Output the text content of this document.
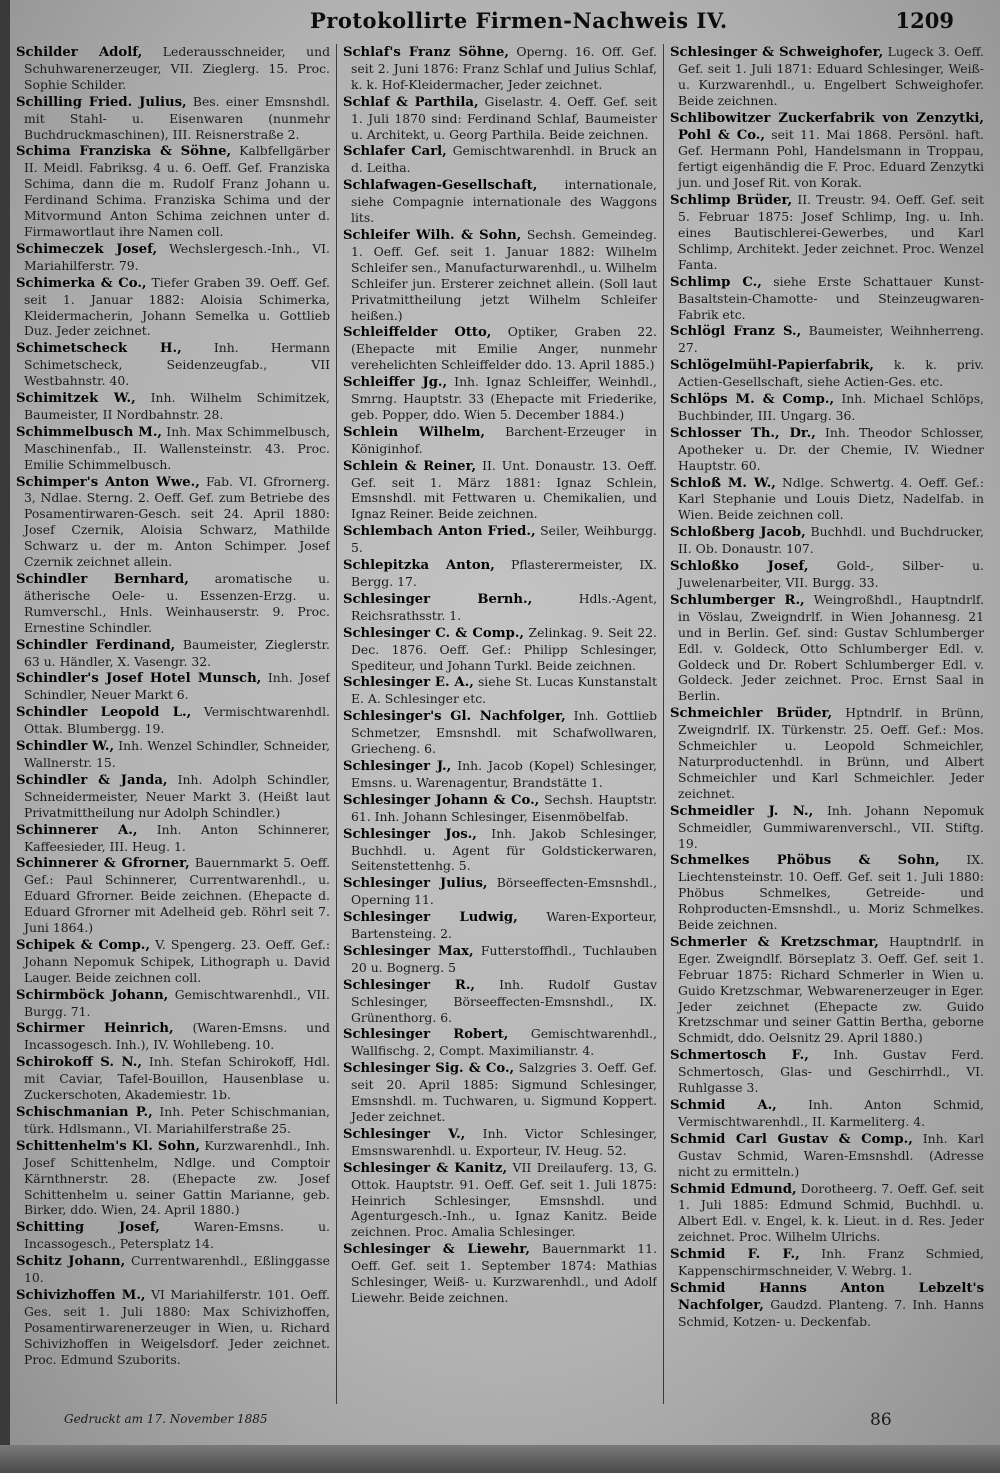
Protokollirte Firmen-Nachweis IV.	1209

Schilder Adolf, Lederausschneider, und Schuhwarenerzeuger, VII. Zieglerg. 15. Proc. Sophie Schilder.

Schilling Fried. Julius, Bes. einer Emsnshdl. mit Stahl- u. Eisenwaren (nunmehr Buchdruckmaschinen), III. Reisnerstraße 2.

Schima Franziska & Söhne, Kalbfellgärber II. Meidl. Fabriksg. 4 u. 6. Oeff. Gef. Franziska Schima, dann die m. Rudolf Franz Johann u. Ferdinand Schima. Franziska Schima und der Mitvormund Anton Schima zeichnen unter d. Firmawortlaut ihre Namen coll.

Schimeczek Josef, Wechslergesch.-Inh., VI. Mariahilferstr. 79.

Schimerka & Co., Tiefer Graben 39. Oeff. Gef. seit 1. Januar 1882: Aloisia Schimerka, Kleidermacherin, Johann Semelka u. Gottlieb Duz. Jeder zeichnet.

Schimetscheck H., Inh. Hermann Schimetscheck, Seidenzeugfab., VII Westbahnstr. 40.

Schimitzek W., Inh. Wilhelm Schimitzek, Baumeister, II Nordbahnstr. 28.

Schimmelbusch M., Inh. Max Schimmelbusch, Maschinenfab., II. Wallensteinstr. 43. Proc. Emilie Schimmelbusch.

Schimper's Anton Wwe., Fab. VI. Gfrornerg. 3, Ndlae. Sterng. 2. Oeff. Gef. zum Betriebe des Posamentirwaren-Gesch. seit 24. April 1880: Josef Czernik, Aloisia Schwarz, Mathilde Schwarz u. der m. Anton Schimper. Josef Czernik zeichnet allein.

Schindler Bernhard, aromatische u. ätherische Oele- u. Essenzen-Erzg. u. Rumverschl., Hnls. Weinhauserstr. 9. Proc. Ernestine Schindler.

Schindler Ferdinand, Baumeister, Zieglerstr. 63 u. Händler, X. Vasengr. 32.

Schindler's Josef Hotel Munsch, Inh. Josef Schindler, Neuer Markt 6.

Schindler Leopold L., Vermischtwarenhdl. Ottak. Blumbergg. 19.

Schindler W., Inh. Wenzel Schindler, Schneider, Wallnerstr. 15.

Schindler & Janda, Inh. Adolph Schindler, Schneidermeister, Neuer Markt 3. (Heißt laut Privatmittheilung nur Adolph Schindler.)

Schinnerer A., Inh. Anton Schinnerer, Kaffeesieder, III. Heug. 1.

Schinnerer & Gfrorner, Bauernmarkt 5. Oeff. Gef.: Paul Schinnerer, Currentwarenhdl., u. Eduard Gfrorner. Beide zeichnen. (Ehepacte d. Eduard Gfrorner mit Adelheid geb. Röhrl seit 7. Juni 1864.)

Schipek & Comp., V. Spengerg. 23. Oeff. Gef.: Johann Nepomuk Schipek, Lithograph u. David Lauger. Beide zeichnen coll.

Schirmböck Johann, Gemischtwarenhdl., VII. Burgg. 71.

Schirmer Heinrich, (Waren-Emsns. und Incassogesch. Inh.), IV. Wohllebeng. 10.

Schirokoff S. N., Inh. Stefan Schirokoff, Hdl. mit Caviar, Tafel-Bouillon, Hausenblase u. Zuckerschoten, Akademiestr. 1b.

Schischmanian P., Inh. Peter Schischmanian, türk. Hdlsmann., VI. Mariahilferstraße 25.

Schittenhelm's Kl. Sohn, Kurzwarenhdl., Inh. Josef Schittenhelm, Ndlge. und Comptoir Kärnthnerstr. 28. (Ehepacte zw. Josef Schittenhelm u. seiner Gattin Marianne, geb. Birker, ddo. Wien, 24. April 1880.)

Schitting Josef, Waren-Emsns. u. Incassogesch., Petersplatz 14.

Schitz Johann, Currentwarenhdl., Eßlinggasse 10.

Schivizhoffen M., VI Mariahilferstr. 101. Oeff. Ges. seit 1. Juli 1880: Max Schivizhoffen, Posamentirwarenerzeuger in Wien, u. Richard Schivizhoffen in Weigelsdorf. Jeder zeichnet. Proc. Edmund Szuborits.

Schlaf's Franz Söhne, Operng. 16. Off. Gef. seit 2. Juni 1876: Franz Schlaf und Julius Schlaf, k. k. Hof-Kleidermacher, Jeder zeichnet.

Schlaf & Parthila, Giselastr. 4. Oeff. Gef. seit 1. Juli 1870 sind: Ferdinand Schlaf, Baumeister u. Architekt, u. Georg Parthila. Beide zeichnen.

Schlafer Carl, Gemischtwarenhdl. in Bruck an d. Leitha.

Schlafwagen-Gesellschaft, internationale, siehe Compagnie internationale des Waggons lits.

Schleifer Wilh. & Sohn, Sechsh. Gemeindeg. 1. Oeff. Gef. seit 1. Januar 1882: Wilhelm Schleifer sen., Manufacturwarenhdl., u. Wilhelm Schleifer jun. Ersterer zeichnet allein. (Soll laut Privatmittheilung jetzt Wilhelm Schleifer heißen.)

Schleiffelder Otto, Optiker, Graben 22. (Ehepacte mit Emilie Anger, nunmehr verehelichten Schleiffelder ddo. 13. April 1885.)

Schleiffer Jg., Inh. Ignaz Schleiffer, Weinhdl., Smrng. Hauptstr. 33 (Ehepacte mit Friederike, geb. Popper, ddo. Wien 5. December 1884.)

Schlein Wilhelm, Barchent-Erzeuger in Königinhof.

Schlein & Reiner, II. Unt. Donaustr. 13. Oeff. Gef. seit 1. März 1881: Ignaz Schlein, Emsnshdl. mit Fettwaren u. Chemikalien, und Ignaz Reiner. Beide zeichnen.

Schlembach Anton Fried., Seiler, Weihburgg. 5.

Schlepitzka Anton, Pflasterermeister, IX. Bergg. 17.

Schlesinger Bernh., Hdls.-Agent, Reichsrathsstr. 1.

Schlesinger C. & Comp., Zelinkag. 9. Seit 22. Dec. 1876. Oeff. Gef.: Philipp Schlesinger, Spediteur, und Johann Turkl. Beide zeichnen.

Schlesinger E. A., siehe St. Lucas Kunstanstalt E. A. Schlesinger etc.

Schlesinger's Gl. Nachfolger, Inh. Gottlieb Schmetzer, Emsnshdl. mit Schafwollwaren, Griecheng. 6.

Schlesinger J., Inh. Jacob (Kopel) Schlesinger, Emsns. u. Warenagentur, Brandstätte 1.

Schlesinger Johann & Co., Sechsh. Hauptstr. 61. Inh. Johann Schlesinger, Eisenmöbelfab.

Schlesinger Jos., Inh. Jakob Schlesinger, Buchhdl. u. Agent für Goldstickerwaren, Seitenstettenhg. 5.

Schlesinger Julius, Börseeffecten-Emsnshdl., Operning 11.

Schlesinger Ludwig, Waren-Exporteur, Bartensteing. 2.

Schlesinger Max, Futterstoffhdl., Tuchlauben 20 u. Bognerg. 5

Schlesinger R., Inh. Rudolf Gustav Schlesinger, Börseeffecten-Emsnshdl., IX. Grünenthorg. 6.

Schlesinger Robert, Gemischtwarenhdl., Wallfischg. 2, Compt. Maximilianstr. 4.

Schlesinger Sig. & Co., Salzgries 3. Oeff. Gef. seit 20. April 1885: Sigmund Schlesinger, Emsnshdl. m. Tuchwaren, u. Sigmund Koppert. Jeder zeichnet.

Schlesinger V., Inh. Victor Schlesinger, Emsnswarenhdl. u. Exporteur, IV. Heug. 52.

Schlesinger & Kanitz, VII Dreilauferg. 13, G. Ottok. Hauptstr. 91. Oeff. Gef. seit 1. Juli 1875: Heinrich Schlesinger, Emsnshdl. und Agenturgesch.-Inh., u. Ignaz Kanitz. Beide zeichnen. Proc. Amalia Schlesinger.

Schlesinger & Liewehr, Bauernmarkt 11. Oeff. Gef. seit 1. September 1874: Mathias Schlesinger, Weiß- u. Kurzwarenhdl., und Adolf Liewehr. Beide zeichnen.

Schlesinger & Schweighofer, Lugeck 3. Oeff. Gef. seit 1. Juli 1871: Eduard Schlesinger, Weiß- u. Kurzwarenhdl., u. Engelbert Schweighofer. Beide zeichnen.

Schlibowitzer Zuckerfabrik von Zenzytki, Pohl & Co., seit 11. Mai 1868. Persönl. haft. Gef. Hermann Pohl, Handelsmann in Troppau, fertigt eigenhändig die F. Proc. Eduard Zenzytki jun. und Josef Rit. von Korak.

Schlimp Brüder, II. Treustr. 94. Oeff. Gef. seit 5. Februar 1875: Josef Schlimp, Ing. u. Inh. eines Bautischlerei-Gewerbes, und Karl Schlimp, Architekt. Jeder zeichnet. Proc. Wenzel Fanta.

Schlimp C., siehe Erste Schattauer Kunst-Basaltstein-Chamotte- und Steinzeugwaren-Fabrik etc.

Schlögl Franz S., Baumeister, Weihnherreng. 27.

Schlögelmühl-Papierfabrik, k. k. priv. Actien-Gesellschaft, siehe Actien-Ges. etc.

Schlöps M. & Comp., Inh. Michael Schlöps, Buchbinder, III. Ungarg. 36.

Schlosser Th., Dr., Inh. Theodor Schlosser, Apotheker u. Dr. der Chemie, IV. Wiedner Hauptstr. 60.

Schloß M. W., Ndlge. Schwertg. 4. Oeff. Gef.: Karl Stephanie und Louis Dietz, Nadelfab. in Wien. Beide zeichnen coll.

Schloßberg Jacob, Buchhdl. und Buchdrucker, II. Ob. Donaustr. 107.

Schloßko Josef, Gold-, Silber- u. Juwelenarbeiter, VII. Burgg. 33.

Schlumberger R., Weingroßhdl., Hauptndrlf. in Vöslau, Zweigndrlf. in Wien Johannesg. 21 und in Berlin. Gef. sind: Gustav Schlumberger Edl. v. Goldeck, Otto Schlumberger Edl. v. Goldeck und Dr. Robert Schlumberger Edl. v. Goldeck. Jeder zeichnet. Proc. Ernst Saal in Berlin.

Schmeichler Brüder, Hptndrlf. in Brünn, Zweigndrlf. IX. Türkenstr. 25. Oeff. Gef.: Mos. Schmeichler u. Leopold Schmeichler, Naturproductenhdl. in Brünn, und Albert Schmeichler und Karl Schmeichler. Jeder zeichnet.

Schmeidler J. N., Inh. Johann Nepomuk Schmeidler, Gummiwarenverschl., VII. Stiftg. 19.

Schmelkes Phöbus & Sohn, IX. Liechtensteinstr. 10. Oeff. Gef. seit 1. Juli 1880: Phöbus Schmelkes, Getreide- und Rohproducten-Emsnshdl., u. Moriz Schmelkes. Beide zeichnen.

Schmerler & Kretzschmar, Hauptndrlf. in Eger. Zweigndlf. Börseplatz 3. Oeff. Gef. seit 1. Februar 1875: Richard Schmerler in Wien u. Guido Kretzschmar, Webwarenerzeuger in Eger. Jeder zeichnet (Ehepacte zw. Guido Kretzschmar und seiner Gattin Bertha, geborne Schmidt, ddo. Oelsnitz 29. April 1880.)

Schmertosch F., Inh. Gustav Ferd. Schmertosch, Glas- und Geschirrhdl., VI. Ruhlgasse 3.

Schmid A., Inh. Anton Schmid, Vermischtwarenhdl., II. Karmeliterg. 4.

Schmid Carl Gustav & Comp., Inh. Karl Gustav Schmid, Waren-Emsnshdl. (Adresse nicht zu ermitteln.)

Schmid Edmund, Dorotheerg. 7. Oeff. Gef. seit 1. Juli 1885: Edmund Schmid, Buchhdl. u. Albert Edl. v. Engel, k. k. Lieut. in d. Res. Jeder zeichnet. Proc. Wilhelm Ulrichs.

Schmid F. F., Inh. Franz Schmied, Kappenschirmschneider, V. Webrg. 1.

Schmid Hanns Anton Lebzelt's Nachfolger, Gaudzd. Planteng. 7. Inh. Hanns Schmid, Kotzen- u. Deckenfab.

Gedruckt am 17. November 1885	86
